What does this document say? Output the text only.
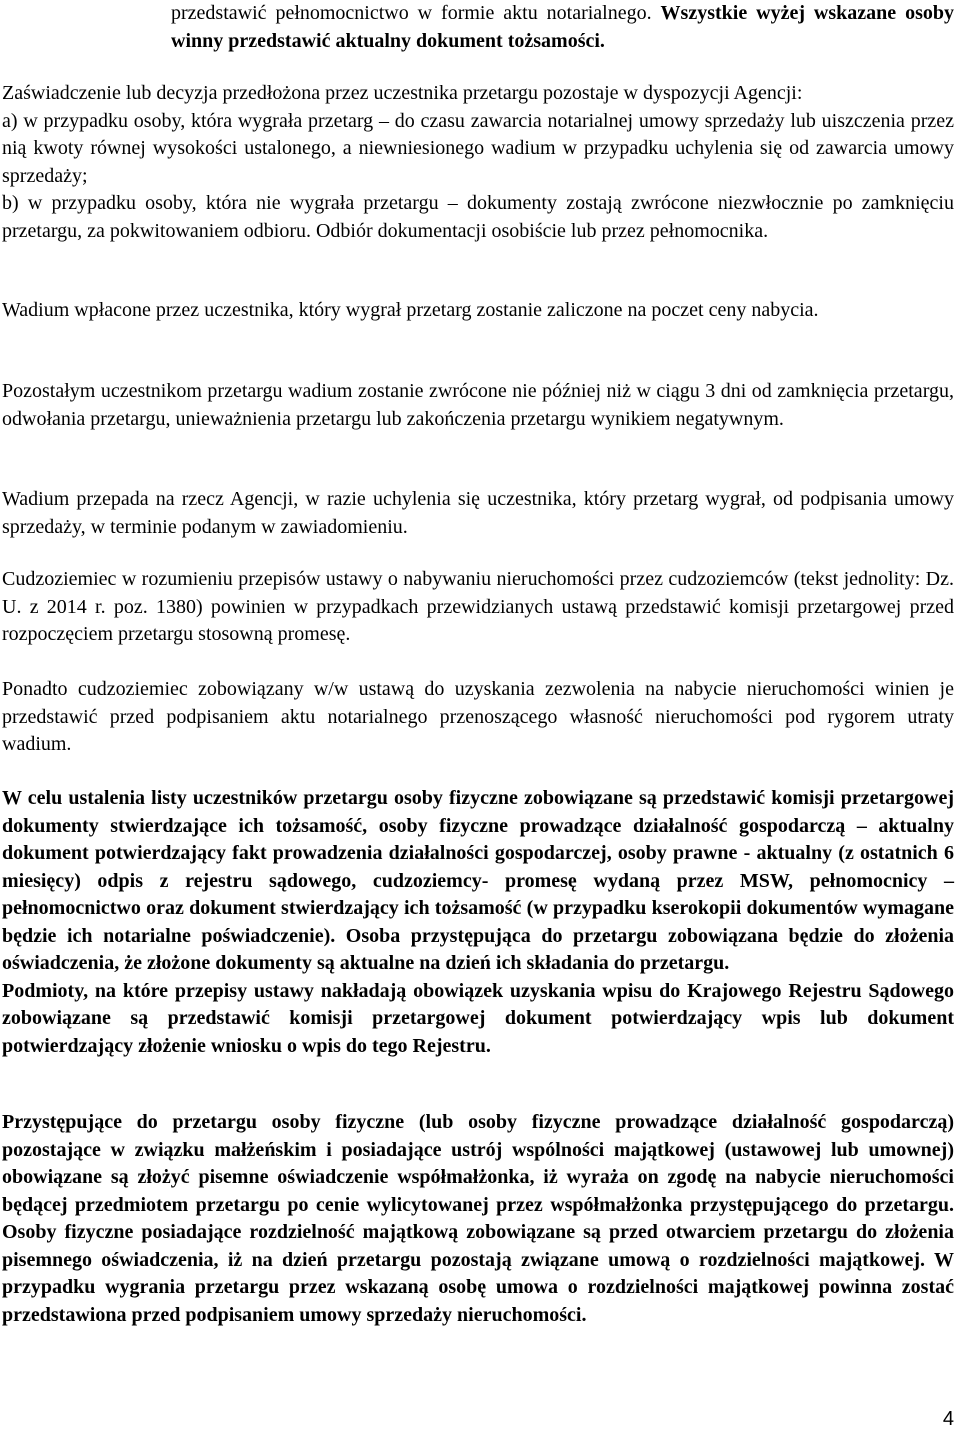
przedstawić pełnomocnictwo w formie aktu notarialnego. Wszystkie wyżej wskazane osoby winny przedstawić aktualny dokument tożsamości.

Zaświadczenie lub decyzja przedłożona przez uczestnika przetargu pozostaje w dyspozycji Agencji:
a) w przypadku osoby, która wygrała przetarg – do czasu zawarcia notarialnej umowy sprzedaży lub uiszczenia przez nią kwoty równej wysokości ustalonego, a niewniesionego wadium w przypadku uchylenia się od zawarcia umowy sprzedaży;
b) w przypadku osoby, która nie wygrała przetargu – dokumenty zostają zwrócone niezwłocznie po zamknięciu przetargu, za pokwitowaniem odbioru. Odbiór dokumentacji osobiście lub przez pełnomocnika.

Wadium wpłacone przez uczestnika, który wygrał przetarg zostanie zaliczone na poczet ceny nabycia.

Pozostałym uczestnikom przetargu wadium zostanie zwrócone nie później niż w ciągu 3 dni od zamknięcia przetargu, odwołania przetargu, unieważnienia przetargu lub zakończenia przetargu wynikiem negatywnym.

Wadium przepada na rzecz Agencji, w razie uchylenia się uczestnika, który przetarg wygrał, od podpisania umowy sprzedaży, w terminie podanym w zawiadomieniu.

Cudzoziemiec w rozumieniu przepisów ustawy o nabywaniu nieruchomości przez cudzoziemców (tekst jednolity: Dz. U. z 2014 r. poz. 1380) powinien w przypadkach przewidzianych ustawą przedstawić komisji przetargowej przed rozpoczęciem przetargu stosowną promesę.

Ponadto cudzoziemiec zobowiązany w/w ustawą do uzyskania zezwolenia na nabycie nieruchomości winien je przedstawić przed podpisaniem aktu notarialnego przenoszącego własność nieruchomości pod rygorem utraty wadium.

W celu ustalenia listy uczestników przetargu osoby fizyczne zobowiązane są przedstawić komisji przetargowej dokumenty stwierdzające ich tożsamość, osoby fizyczne prowadzące działalność gospodarczą – aktualny dokument potwierdzający fakt prowadzenia działalności gospodarczej, osoby prawne - aktualny (z ostatnich 6 miesięcy) odpis z rejestru sądowego, cudzoziemcy- promesę wydaną przez MSW, pełnomocnicy – pełnomocnictwo oraz dokument stwierdzający ich tożsamość (w przypadku kserokopii dokumentów wymagane będzie ich notarialne poświadczenie). Osoba przystępująca do przetargu zobowiązana będzie do złożenia oświadczenia, że złożone dokumenty są aktualne na dzień ich składania do przetargu.
Podmioty, na które przepisy ustawy nakładają obowiązek uzyskania wpisu do Krajowego Rejestru Sądowego zobowiązane są przedstawić komisji przetargowej dokument potwierdzający wpis lub dokument potwierdzający złożenie wniosku o wpis do tego Rejestru.

Przystępujące do przetargu osoby fizyczne (lub osoby fizyczne prowadzące działalność gospodarczą) pozostające w związku małżeńskim i posiadające ustrój wspólności majątkowej (ustawowej lub umownej) obowiązane są złożyć pisemne oświadczenie współmałżonka, iż wyraża on zgodę na nabycie nieruchomości będącej przedmiotem przetargu po cenie wylicytowanej przez współmałżonka przystępującego do przetargu. Osoby fizyczne posiadające rozdzielność majątkową zobowiązane są przed otwarciem przetargu do złożenia pisemnego oświadczenia, iż na dzień przetargu pozostają związane umową o rozdzielności majątkowej. W przypadku wygrania przetargu przez wskazaną osobę umowa o rozdzielności majątkowej powinna zostać przedstawiona przed podpisaniem umowy sprzedaży nieruchomości.

4
